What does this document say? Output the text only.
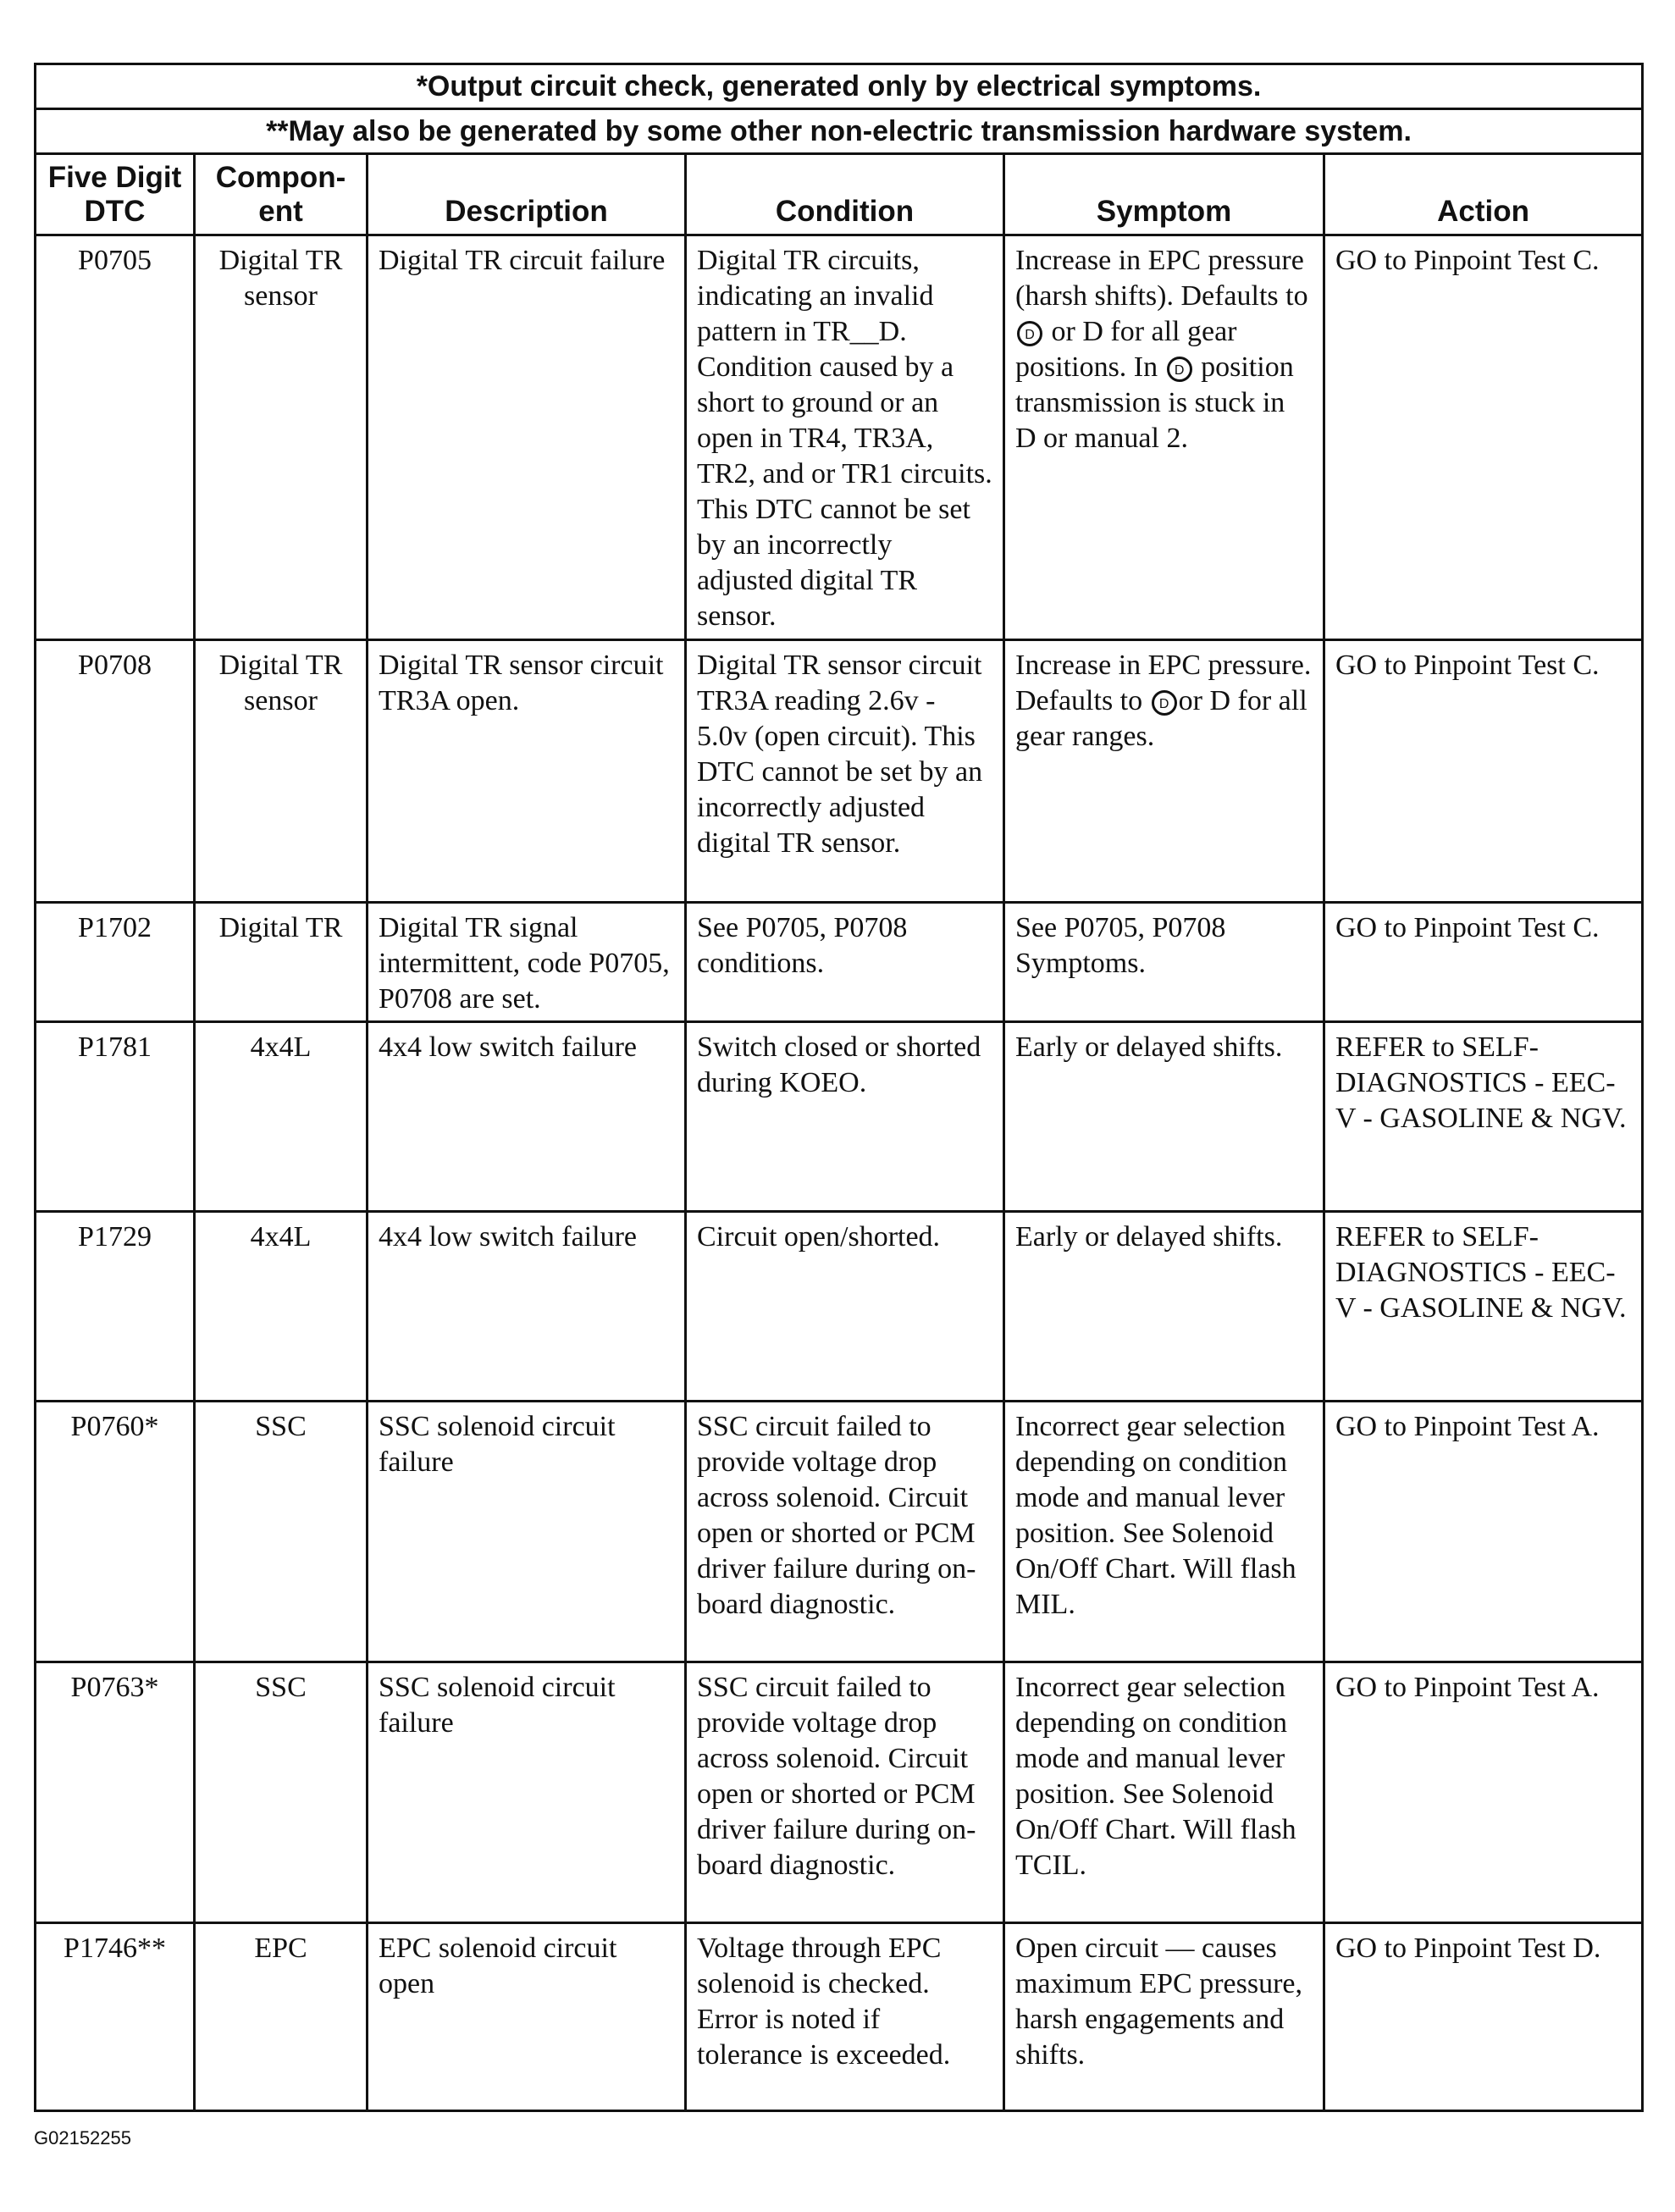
*Output circuit check, generated only by electrical symptoms.					
**May also be generated by some other non-electric transmission hardware system.					
Five Digit DTC	Compon- ent	Description	Condition	Symptom	Action
P0705	Digital TR sensor	Digital TR circuit failure	Digital TR circuits, indicating an invalid pattern in TR__D. Condition caused by a short to ground or an open in TR4, TR3A, TR2, and or TR1 circuits. This DTC cannot be set by an incorrectly adjusted digital TR sensor.	Increase in EPC pressure (harsh shifts). Defaults to D or D for all gear positions. In D position transmission is stuck in D or manual 2.	GO to Pinpoint Test C.
P0708	Digital TR sensor	Digital TR sensor circuit TR3A open.	Digital TR sensor circuit TR3A reading 2.6v - 5.0v (open circuit). This DTC cannot be set by an incorrectly adjusted digital TR sensor.	Increase in EPC pressure. Defaults to D or D for all gear ranges.	GO to Pinpoint Test C.
P1702	Digital TR	Digital TR signal intermittent, code P0705, P0708 are set.	See P0705, P0708 conditions.	See P0705, P0708 Symptoms.	GO to Pinpoint Test C.
P1781	4x4L	4x4 low switch failure	Switch closed or shorted during KOEO.	Early or delayed shifts.	REFER to SELF-DIAGNOSTICS - EEC-V - GASOLINE & NGV.
P1729	4x4L	4x4 low switch failure	Circuit open/shorted.	Early or delayed shifts.	REFER to SELF-DIAGNOSTICS - EEC-V - GASOLINE & NGV.
P0760*	SSC	SSC solenoid circuit failure	SSC circuit failed to provide voltage drop across solenoid. Circuit open or shorted or PCM driver failure during on-board diagnostic.	Incorrect gear selection depending on condition mode and manual lever position. See Solenoid On/Off Chart. Will flash MIL.	GO to Pinpoint Test A.
P0763*	SSC	SSC solenoid circuit failure	SSC circuit failed to provide voltage drop across solenoid. Circuit open or shorted or PCM driver failure during on-board diagnostic.	Incorrect gear selection depending on condition mode and manual lever position. See Solenoid On/Off Chart. Will flash TCIL.	GO to Pinpoint Test A.
P1746**	EPC	EPC solenoid circuit open	Voltage through EPC solenoid is checked. Error is noted if tolerance is exceeded.	Open circuit — causes maximum EPC pressure, harsh engagements and shifts.	GO to Pinpoint Test D.
G02152255
